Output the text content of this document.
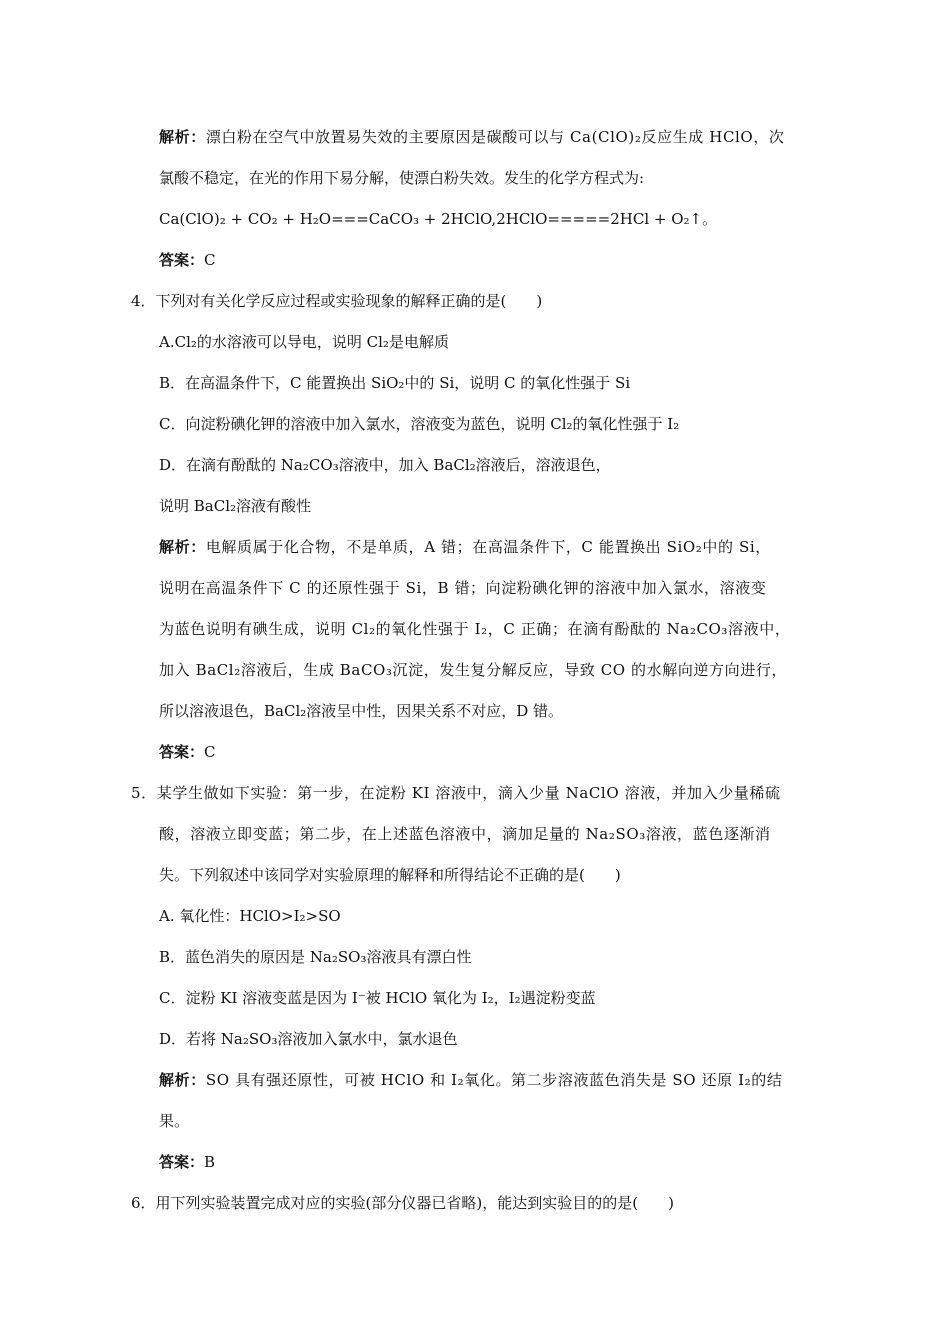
解析：漂白粉在空气中放置易失效的主要原因是碳酸可以与 Ca(ClO)₂反应生成 HClO，次
氯酸不稳定，在光的作用下易分解，使漂白粉失效。发生的化学方程式为:
Ca(ClO)₂ + CO₂ + H₂O===CaCO₃ + 2HClO,2HClO=====2HCl + O₂↑。
答案：C
4．下列对有关化学反应过程或实验现象的解释正确的是(　　)
A.Cl₂的水溶液可以导电，说明 Cl₂是电解质
B．在高温条件下，C 能置换出 SiO₂中的 Si，说明 C 的氧化性强于 Si
C．向淀粉碘化钾的溶液中加入氯水，溶液变为蓝色，说明 Cl₂的氧化性强于 I₂
D．在滴有酚酞的 Na₂CO₃溶液中，加入 BaCl₂溶液后，溶液退色，
说明 BaCl₂溶液有酸性
解析：电解质属于化合物，不是单质，A 错；在高温条件下，C 能置换出 SiO₂中的 Si，
说明在高温条件下 C 的还原性强于 Si，B 错；向淀粉碘化钾的溶液中加入氯水，溶液变
为蓝色说明有碘生成，说明 Cl₂的氧化性强于 I₂，C 正确；在滴有酚酞的 Na₂CO₃溶液中，
加入 BaCl₂溶液后，生成 BaCO₃沉淀，发生复分解反应，导致 CO 的水解向逆方向进行，
所以溶液退色，BaCl₂溶液呈中性，因果关系不对应，D 错。
答案：C
5．某学生做如下实验：第一步，在淀粉 KI 溶液中，滴入少量 NaClO 溶液，并加入少量稀硫
酸，溶液立即变蓝；第二步，在上述蓝色溶液中，滴加足量的 Na₂SO₃溶液，蓝色逐渐消
失。下列叙述中该同学对实验原理的解释和所得结论不正确的是(　　)
A. 氧化性：HClO>I₂>SO
B．蓝色消失的原因是 Na₂SO₃溶液具有漂白性
C．淀粉 KI 溶液变蓝是因为 I⁻被 HClO 氧化为 I₂，I₂遇淀粉变蓝
D．若将 Na₂SO₃溶液加入氯水中，氯水退色
解析：SO 具有强还原性，可被 HClO 和 I₂氧化。第二步溶液蓝色消失是 SO 还原 I₂的结
果。
答案：B
6．用下列实验装置完成对应的实验(部分仪器已省略)，能达到实验目的的是(　　)
